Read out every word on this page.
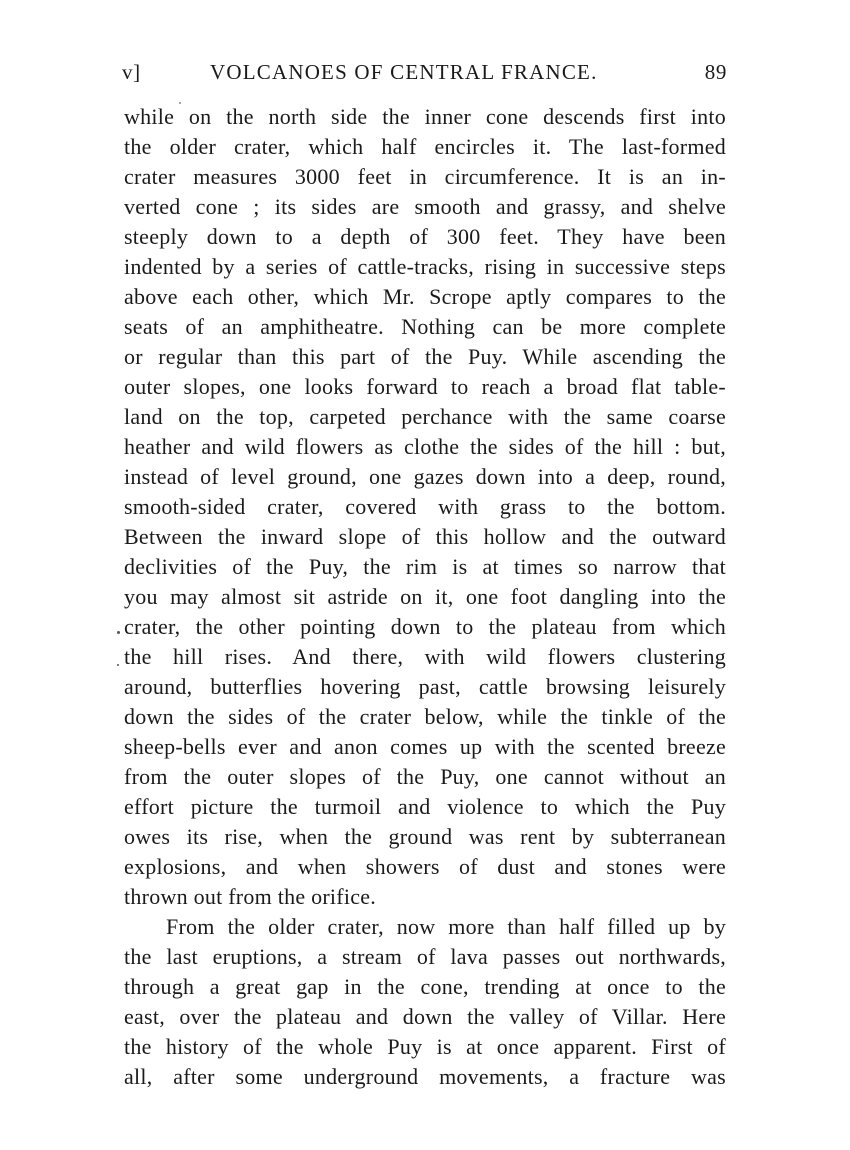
v]	VOLCANOES OF CENTRAL FRANCE.	89
while on the north side the inner cone descends first into
the older crater, which half encircles it. The last-formed
crater measures 3000 feet in circumference. It is an in-
verted cone ; its sides are smooth and grassy, and shelve
steeply down to a depth of 300 feet. They have been
indented by a series of cattle-tracks, rising in successive steps
above each other, which Mr. Scrope aptly compares to the
seats of an amphitheatre. Nothing can be more complete
or regular than this part of the Puy. While ascending the
outer slopes, one looks forward to reach a broad flat table-
land on the top, carpeted perchance with the same coarse
heather and wild flowers as clothe the sides of the hill : but,
instead of level ground, one gazes down into a deep, round,
smooth-sided crater, covered with grass to the bottom.
Between the inward slope of this hollow and the outward
declivities of the Puy, the rim is at times so narrow that
you may almost sit astride on it, one foot dangling into the
crater, the other pointing down to the plateau from which
the hill rises. And there, with wild flowers clustering
around, butterflies hovering past, cattle browsing leisurely
down the sides of the crater below, while the tinkle of the
sheep-bells ever and anon comes up with the scented breeze
from the outer slopes of the Puy, one cannot without an
effort picture the turmoil and violence to which the Puy
owes its rise, when the ground was rent by subterranean
explosions, and when showers of dust and stones were
thrown out from the orifice.
From the older crater, now more than half filled up by
the last eruptions, a stream of lava passes out northwards,
through a great gap in the cone, trending at once to the
east, over the plateau and down the valley of Villar. Here
the history of the whole Puy is at once apparent. First of
all, after some underground movements, a fracture was
